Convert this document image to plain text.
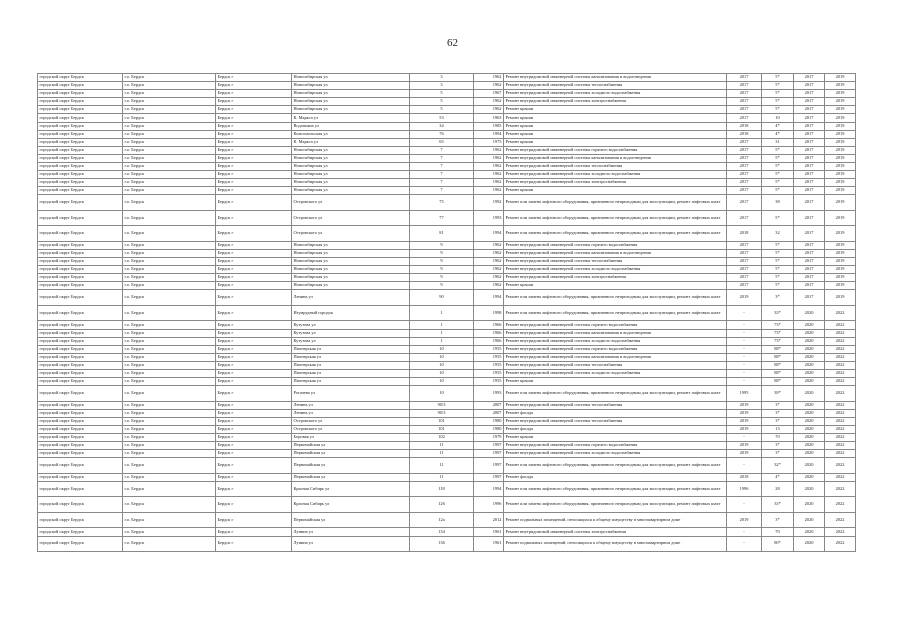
62
городской округ Бердск	г.о. Бердск	Бердск г	Новосибирская ул	3	1962	Ремонт внутридомовой инженерной системы канализования и водоотведения	2017	5*	2017	2019
городской округ Бердск	г.о. Бердск	Бердск г	Новосибирская ул	3	1962	Ремонт внутридомовой инженерной системы теплоснабжения	2017	5*	2017	2019
городской округ Бердск	г.о. Бердск	Бердск г	Новосибирская ул	5	1967	Ремонт внутридомовой инженерной системы холодного водоснабжения	2017	5*	2017	2019
городской округ Бердск	г.о. Бердск	Бердск г	Новосибирская ул	5	1962	Ремонт внутридомовой инженерной системы электроснабжения	2017	5*	2017	2019
городской округ Бердск	г.о. Бердск	Бердск г	Новосибирская ул	5	1962	Ремонт крыши	2017	5*	2017	2019
городской округ Бердск	г.о. Бердск	Бердск г	К. Маркса ул	53	1963	Ремонт крыши	2017	10	2017	2019
городской округ Бердск	г.о. Бердск	Бердск г	Водопьяна ул	34	1985	Ремонт крыши	2018	4*	2017	2019
городской округ Бердск	г.о. Бердск	Бердск г	Комсомольская ул	76	1994	Ремонт крыши	2018	4*	2017	2019
городской округ Бердск	г.о. Бердск	Бердск г	К. Маркса ул	65	1975	Ремонт крыши	2017	31	2017	2019
городской округ Бердск	г.о. Бердск	Бердск г	Новосибирская ул	7	1962	Ремонт внутридомовой инженерной системы горячего водоснабжения	2017	5*	2017	2019
городской округ Бердск	г.о. Бердск	Бердск г	Новосибирская ул	7	1962	Ремонт внутридомовой инженерной системы канализования и водоотведения	2017	5*	2017	2019
городской округ Бердск	г.о. Бердск	Бердск г	Новосибирская ул	7	1962	Ремонт внутридомовой инженерной системы теплоснабжения	2017	5*	2017	2019
городской округ Бердск	г.о. Бердск	Бердск г	Новосибирская ул	7	1962	Ремонт внутридомовой инженерной системы холодного водоснабжения	2017	5*	2017	2019
городской округ Бердск	г.о. Бердск	Бердск г	Новосибирская ул	7	1962	Ремонт внутридомовой инженерной системы электроснабжения	2017	5*	2017	2019
городской округ Бердск	г.о. Бердск	Бердск г	Новосибирская ул	7	1962	Ремонт крыши	2017	5*	2017	2019
городской округ Бердск	г.о. Бердск	Бердск г	Островского ул	75	1992	Ремонт или замена лифтового оборудования, признанного непригодным для эксплуатации, ремонт лифтовых шахт	2017	38	2017	2019
городской округ Бердск	г.о. Бердск	Бердск г	Островского ул	77	1993	Ремонт или замена лифтового оборудования, признанного непригодным для эксплуатации, ремонт лифтовых шахт	2017	5*	2017	2019
городской округ Бердск	г.о. Бердск	Бердск г	Островского ул	81	1994	Ремонт или замена лифтового оборудования, признанного непригодным для эксплуатации, ремонт лифтовых шахт	2018	32	2017	2019
городской округ Бердск	г.о. Бердск	Бердск г	Новосибирская ул	9	1962	Ремонт внутридомовой инженерной системы горячего водоснабжения	2017	5*	2017	2019
городской округ Бердск	г.о. Бердск	Бердск г	Новосибирская ул	9	1962	Ремонт внутридомовой инженерной системы канализования и водоотведения	2017	5*	2017	2019
городской округ Бердск	г.о. Бердск	Бердск г	Новосибирская ул	9	1962	Ремонт внутридомовой инженерной системы теплоснабжения	2017	5*	2017	2019
городской округ Бердск	г.о. Бердск	Бердск г	Новосибирская ул	9	1962	Ремонт внутридомовой инженерной системы холодного водоснабжения	2017	5*	2017	2019
городской округ Бердск	г.о. Бердск	Бердск г	Новосибирская ул	9	1962	Ремонт внутридомовой инженерной системы электроснабжения	2017	5*	2017	2019
городской округ Бердск	г.о. Бердск	Бердск г	Новосибирская ул	9	1962	Ремонт крыши	2017	5*	2017	2019
городской округ Бердск	г.о. Бердск	Бердск г	Ленина ул	90	1994	Ремонт или замена лифтового оборудования, признанного непригодным для эксплуатации, ремонт лифтовых шахт	2019	3*	2017	2019
городской округ Бердск	г.о. Бердск	Бердск г	Изумрудный городок	1	1998	Ремонт или замена лифтового оборудования, признанного непригодным для эксплуатации, ремонт лифтовых шахт	-	33*	2020	2022
городской округ Бердск	г.о. Бердск	Бердск г	Кутузова ул	1	1966	Ремонт внутридомовой инженерной системы горячего водоснабжения	-	73*	2020	2022
городской округ Бердск	г.о. Бердск	Бердск г	Кутузова ул	1	1966	Ремонт внутридомовой инженерной системы канализования и водоотведения	-	73*	2020	2022
городской округ Бердск	г.о. Бердск	Бердск г	Кутузова ул	1	1966	Ремонт внутридомовой инженерной системы холодного водоснабжения	-	73*	2020	2022
городской округ Бердск	г.о. Бердск	Бердск г	Пионерская ул	10	1955	Ремонт внутридомовой инженерной системы горячего водоснабжения	-	88*	2020	2022
городской округ Бердск	г.о. Бердск	Бердск г	Пионерская ул	10	1955	Ремонт внутридомовой инженерной системы канализования и водоотведения	-	88*	2020	2022
городской округ Бердск	г.о. Бердск	Бердск г	Пионерская ул	10	1955	Ремонт внутридомовой инженерной системы теплоснабжения	-	88*	2020	2022
городской округ Бердск	г.о. Бердск	Бердск г	Пионерская ул	10	1955	Ремонт внутридомовой инженерной системы холодного водоснабжения	-	88*	2020	2022
городской округ Бердск	г.о. Бердск	Бердск г	Пионерская ул	10	1955	Ремонт крыши	-	88*	2020	2022
городской округ Бердск	г.о. Бердск	Бердск г	Рогачева ул	10	1993	Ремонт или замена лифтового оборудования, признанного непригодным для эксплуатации, ремонт лифтовых шахт	1995	39*	2020	2022
городской округ Бердск	г.о. Бердск	Бердск г	Ленина ул	90/3	2007	Ремонт внутридомовой инженерной системы теплоснабжения	2019	3*	2020	2022
городской округ Бердск	г.о. Бердск	Бердск г	Ленина ул	90/3	2007	Ремонт фасада	2019	3*	2020	2022
городской округ Бердск	г.о. Бердск	Бердск г	Островского ул	101	1980	Ремонт внутридомовой инженерной системы теплоснабжения	2019	3*	2020	2022
городской округ Бердск	г.о. Бердск	Бердск г	Островского ул	101	1980	Ремонт фасада	2019	13	2020	2022
городской округ Бердск	г.о. Бердск	Бердск г	Боровая ул	102	1979	Ремонт крыши	-	70	2020	2022
городской округ Бердск	г.о. Бердск	Бердск г	Первомайская ул	11	1997	Ремонт внутридомовой инженерной системы горячего водоснабжения	2019	3*	2020	2022
городской округ Бердск	г.о. Бердск	Бердск г	Первомайская ул	11	1997	Ремонт внутридомовой инженерной системы холодного водоснабжения	2019	3*	2020	2022
городской округ Бердск	г.о. Бердск	Бердск г	Первомайская ул	11	1997	Ремонт или замена лифтового оборудования, признанного непригодным для эксплуатации, ремонт лифтовых шахт	-	32*	2020	2022
городской округ Бердск	г.о. Бердск	Бердск г	Первомайская ул	11	1997	Ремонт фасада	2018	4*	2020	2022
городской округ Бердск	г.о. Бердск	Бердск г	Красная Сибирь ул	118	1994	Ремонт или замена лифтового оборудования, признанного непригодным для эксплуатации, ремонт лифтовых шахт	1996	28	2020	2022
городской округ Бердск	г.о. Бердск	Бердск г	Красная Сибирь ул	126	1996	Ремонт или замена лифтового оборудования, признанного непригодным для эксплуатации, ремонт лифтовых шахт	-	33*	2020	2022
городской округ Бердск	г.о. Бердск	Бердск г	Первомайская ул	12а	2012	Ремонт подвальных помещений, относящихся к общему имуществу в многоквартирном доме	2019	3*	2020	2022
городской округ Бердск	г.о. Бердск	Бердск г	Лунина ул	134	1961	Ремонт внутридомовой инженерной системы электроснабжения	-	70	2020	2022
городской округ Бердск	г.о. Бердск	Бердск г	Лунина ул	136	1961	Ремонт подвальных помещений, относящихся к общему имуществу в многоквартирном доме	-	80*	2020	2022
